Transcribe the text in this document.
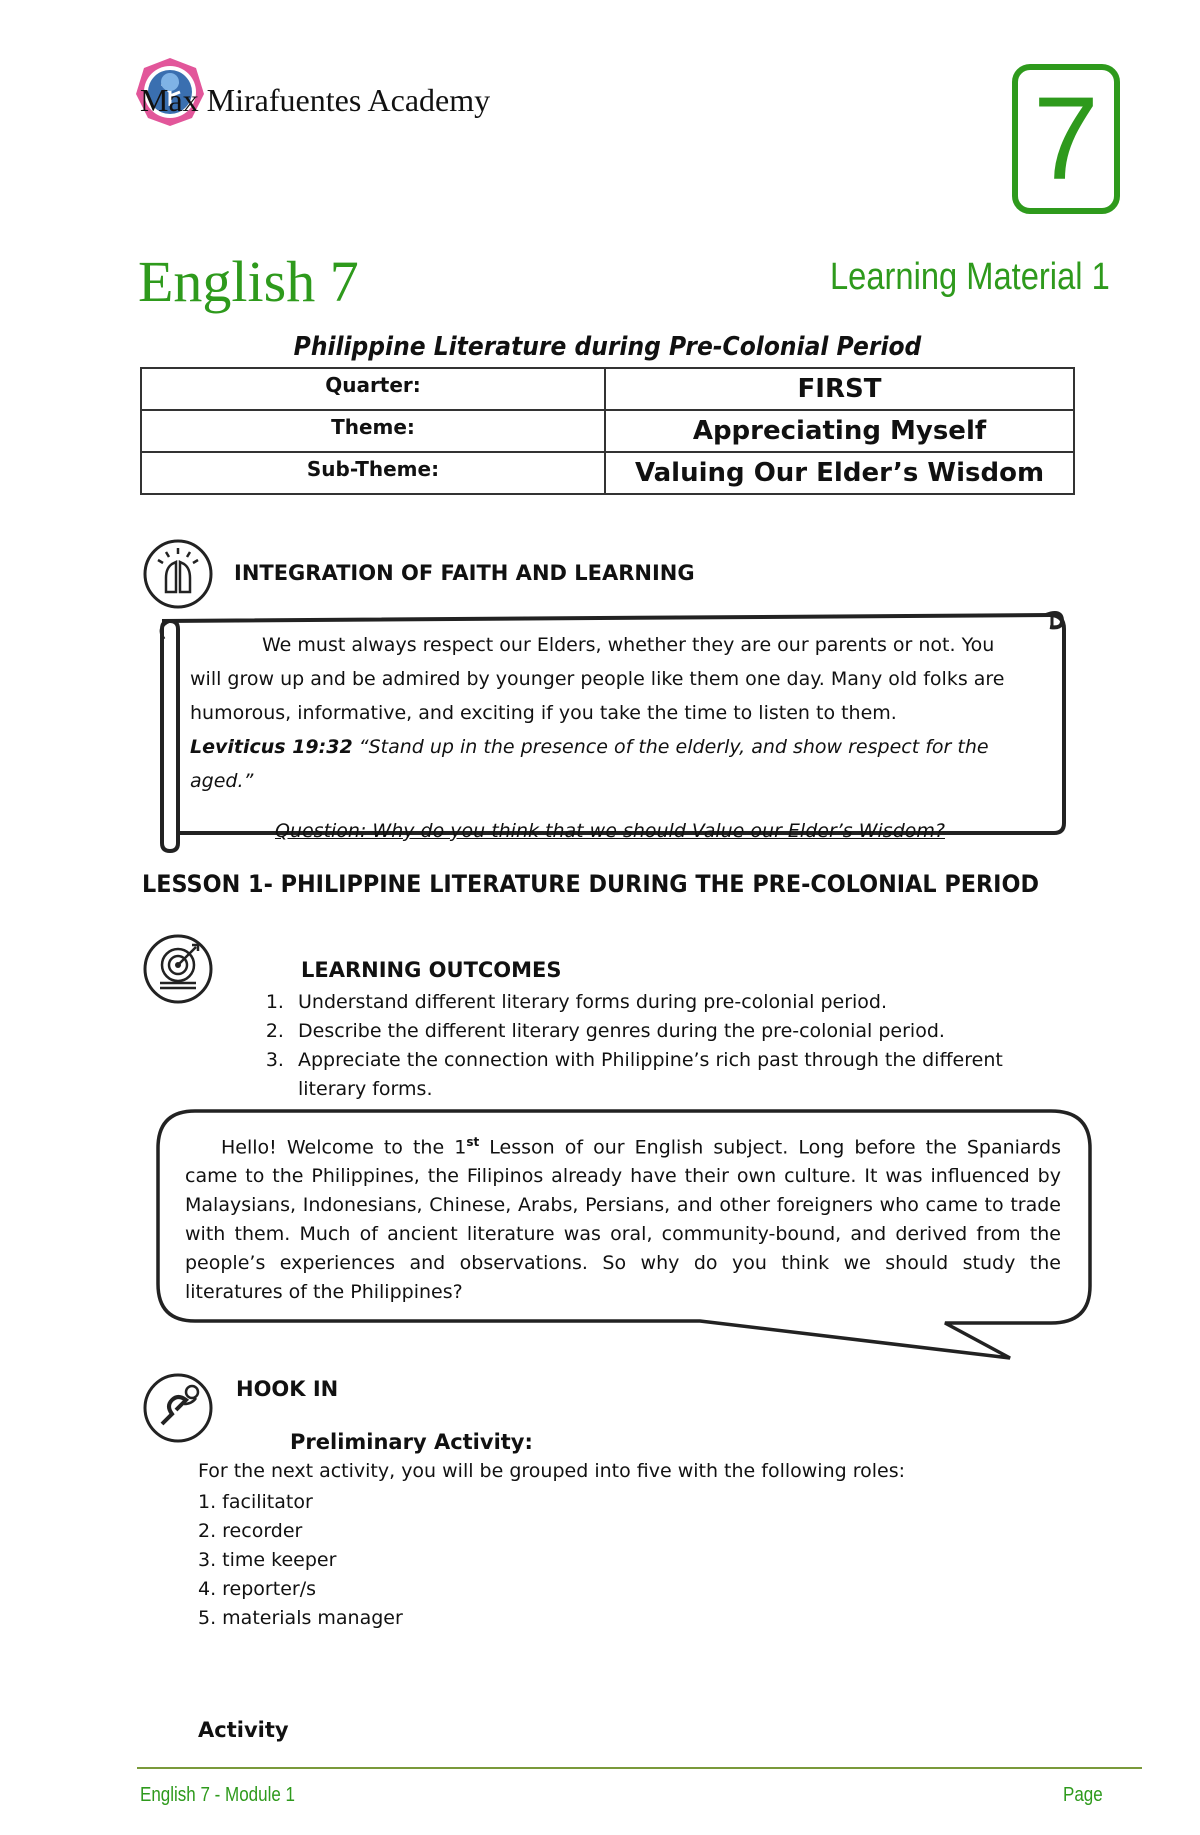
Max Mirafuentes Academy	7
English 7	Learning Material 1
Philippine Literature during Pre-Colonial Period
Quarter:	FIRST
Theme:	Appreciating Myself
Sub-Theme:	Valuing Our Elder’s Wisdom
INTEGRATION OF FAITH AND LEARNING

We must always respect our Elders, whether they are our parents or not. You will grow up and be admired by younger people like them one day. Many old folks are humorous, informative, and exciting if you take the time to listen to them.

Leviticus 19:32 “Stand up in the presence of the elderly, and show respect for the aged.”

Question: Why do you think that we should Value our Elder’s Wisdom?

LESSON 1- PHILIPPINE LITERATURE DURING THE PRE-COLONIAL PERIOD
LEARNING OUTCOMES
1. Understand different literary forms during pre-colonial period.
2. Describe the different literary genres during the pre-colonial period.
3. Appreciate the connection with Philippine’s rich past through the different literary forms.
Hello! Welcome to the 1st Lesson of our English subject. Long before the Spaniards came to the Philippines, the Filipinos already have their own culture. It was influenced by Malaysians, Indonesians, Chinese, Arabs, Persians, and other foreigners who came to trade with them. Much of ancient literature was oral, community-bound, and derived from the people’s experiences and observations. So why do you think we should study the literatures of the Philippines?
HOOK IN
Preliminary Activity:
For the next activity, you will be grouped into five with the following roles:
1. facilitator
2. recorder
3. time keeper
4. reporter/s
5. materials manager
Activity
English 7 - Module 1	Page
